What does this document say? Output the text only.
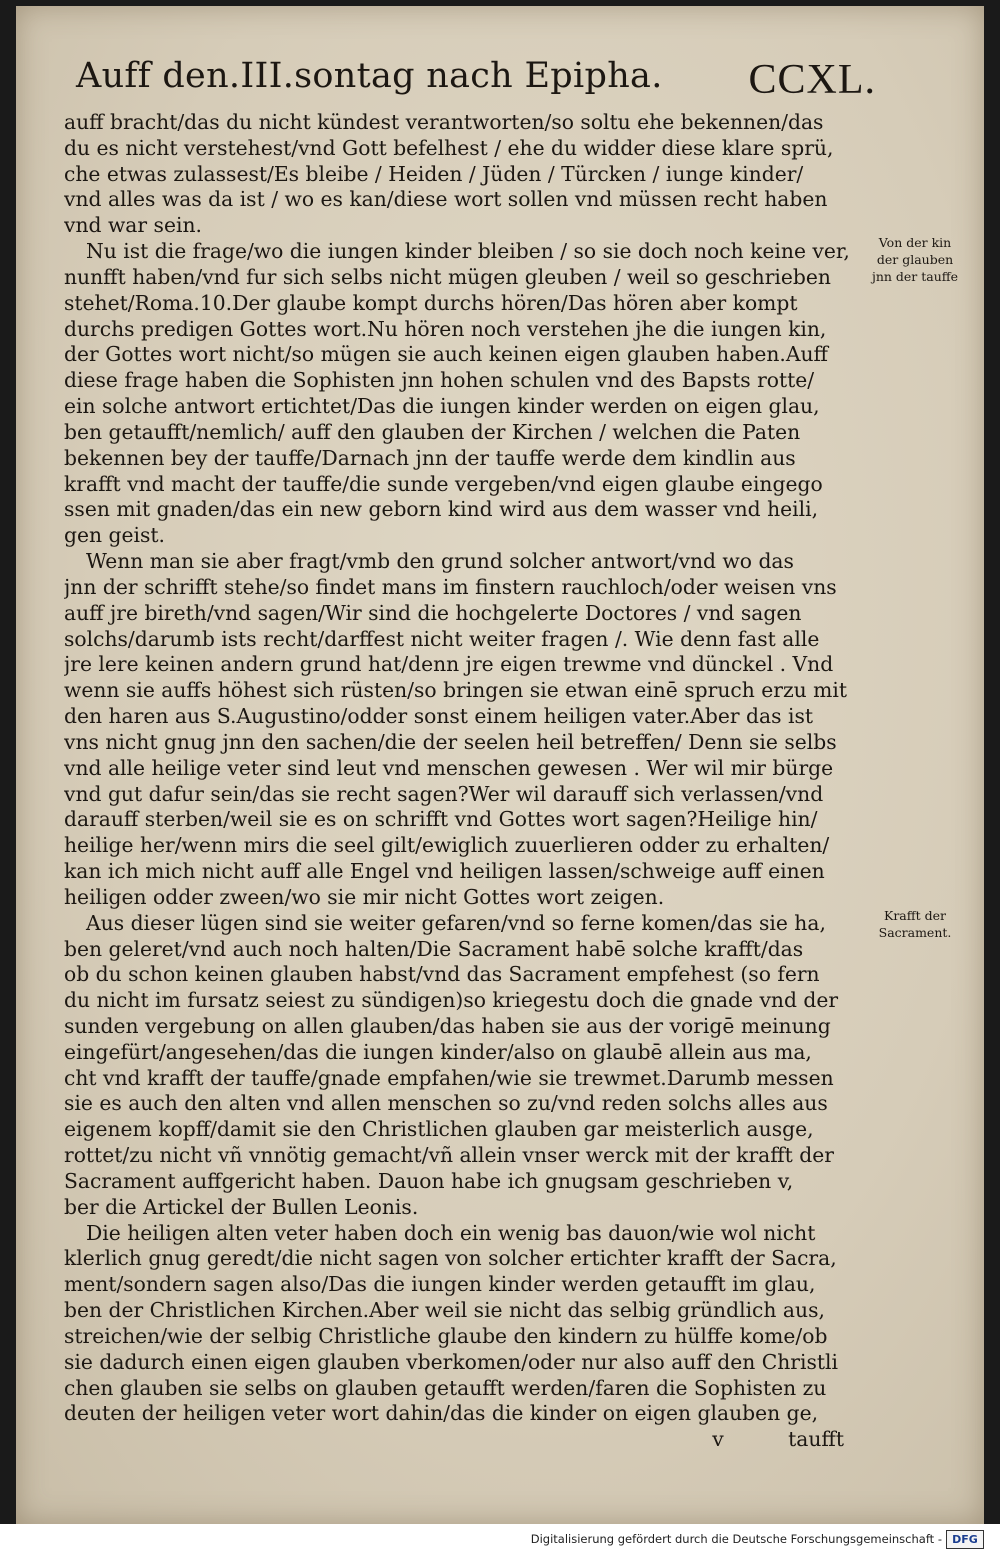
Auff den.III.sontag nach Epipha. CCXL.
auff bracht/das du nicht kündest verantworten/so soltu ehe bekennen/das
du es nicht verstehest/vnd Gott befelhest / ehe du widder diese klare sprü,
che etwas zulassest/Es bleibe / Heiden / Jüden / Türcken / iunge kinder/
vnd alles was da ist / wo es kan/diese wort sollen vnd müssen recht haben
vnd war sein.
Nu ist die frage/wo die iungen kinder bleiben / so sie doch noch keine ver,
nunfft haben/vnd fur sich selbs nicht mügen gleuben / weil so geschrieben
stehet/Roma.10.Der glaube kompt durchs hören/Das hören aber kompt
durchs predigen Gottes wort.Nu hören noch verstehen jhe die iungen kin,
der Gottes wort nicht/so mügen sie auch keinen eigen glauben haben.Auff
diese frage haben die Sophisten jnn hohen schulen vnd des Bapsts rotte/
ein solche antwort ertichtet/Das die iungen kinder werden on eigen glau,
ben getaufft/nemlich/ auff den glauben der Kirchen / welchen die Paten
bekennen bey der tauffe/Darnach jnn der tauffe werde dem kindlin aus
krafft vnd macht der tauffe/die sunde vergeben/vnd eigen glaube eingego
ssen mit gnaden/das ein new geborn kind wird aus dem wasser vnd heili,
gen geist.
Wenn man sie aber fragt/vmb den grund solcher antwort/vnd wo das
jnn der schrifft stehe/so findet mans im finstern rauchloch/oder weisen vns
auff jre bireth/vnd sagen/Wir sind die hochgelerte Doctores / vnd sagen
solchs/darumb ists recht/darffest nicht weiter fragen /. Wie denn fast alle
jre lere keinen andern grund hat/denn jre eigen trewme vnd dünckel . Vnd
wenn sie auffs höhest sich rüsten/so bringen sie etwan einē spruch erzu mit
den haren aus S.Augustino/odder sonst einem heiligen vater.Aber das ist
vns nicht gnug jnn den sachen/die der seelen heil betreffen/ Denn sie selbs
vnd alle heilige veter sind leut vnd menschen gewesen . Wer wil mir bürge
vnd gut dafur sein/das sie recht sagen?Wer wil darauff sich verlassen/vnd
darauff sterben/weil sie es on schrifft vnd Gottes wort sagen?Heilige hin/
heilige her/wenn mirs die seel gilt/ewiglich zuuerlieren odder zu erhalten/
kan ich mich nicht auff alle Engel vnd heiligen lassen/schweige auff einen
heiligen odder zween/wo sie mir nicht Gottes wort zeigen.
Aus dieser lügen sind sie weiter gefaren/vnd so ferne komen/das sie ha,
ben geleret/vnd auch noch halten/Die Sacrament habē solche krafft/das
ob du schon keinen glauben habst/vnd das Sacrament empfehest (so fern
du nicht im fursatz seiest zu sündigen)so kriegestu doch die gnade vnd der
sunden vergebung on allen glauben/das haben sie aus der vorigē meinung
eingefürt/angesehen/das die iungen kinder/also on glaubē allein aus ma,
cht vnd krafft der tauffe/gnade empfahen/wie sie trewmet.Darumb messen
sie es auch den alten vnd allen menschen so zu/vnd reden solchs alles aus
eigenem kopff/damit sie den Christlichen glauben gar meisterlich ausge,
rottet/zu nicht vñ vnnötig gemacht/vñ allein vnser werck mit der krafft der
Sacrament auffgericht haben. Dauon habe ich gnugsam geschrieben v,
ber die Artickel der Bullen Leonis.
Die heiligen alten veter haben doch ein wenig bas dauon/wie wol nicht
klerlich gnug geredt/die nicht sagen von solcher ertichter krafft der Sacra,
ment/sondern sagen also/Das die iungen kinder werden getaufft im glau,
ben der Christlichen Kirchen.Aber weil sie nicht das selbig gründlich aus,
streichen/wie der selbig Christliche glaube den kindern zu hülffe kome/ob
sie dadurch einen eigen glauben vberkomen/oder nur also auff den Christli
chen glauben sie selbs on glauben getaufft werden/faren die Sophisten zu
deuten der heiligen veter wort dahin/das die kinder on eigen glauben ge,
v          taufft
Von der kin
der glauben
jnn der tauffe
Krafft der
Sacrament.
Digitalisierung gefördert durch die Deutsche Forschungsgemeinschaft - DFG
